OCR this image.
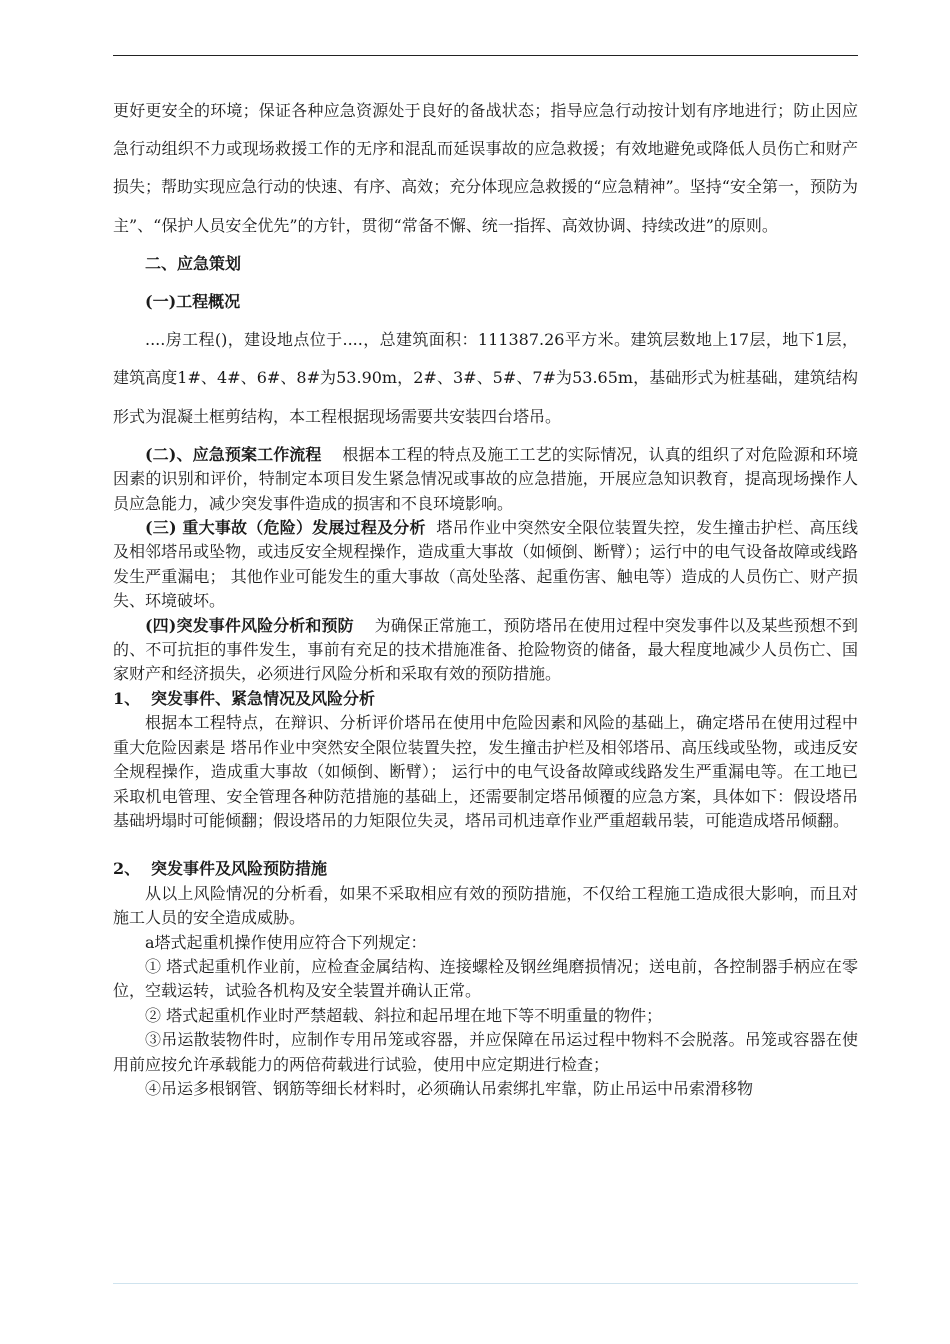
更好更安全的环境；保证各种应急资源处于良好的备战状态；指导应急行动按计划有序地进行；防止因应急行动组织不力或现场救援工作的无序和混乱而延误事故的应急救援；有效地避免或降低人员伤亡和财产损失；帮助实现应急行动的快速、有序、高效；充分体现应急救援的“应急精神”。坚持“安全第一，预防为主”、“保护人员安全优先”的方针，贯彻“常备不懈、统一指挥、高效协调、持续改进”的原则。

二、应急策划

(一)工程概况

....房工程()，建设地点位于....，总建筑面积：111387.26平方米。建筑层数地上17层，地下1层，建筑高度1#、4#、6#、8#为53.90m，2#、3#、5#、7#为53.65m，基础形式为桩基础，建筑结构形式为混凝土框剪结构，本工程根据现场需要共安装四台塔吊。

(二)、应急预案工作流程 根据本工程的特点及施工工艺的实际情况，认真的组织了对危险源和环境因素的识别和评价，特制定本项目发生紧急情况或事故的应急措施，开展应急知识教育，提高现场操作人员应急能力，减少突发事件造成的损害和不良环境影响。

(三) 重大事故（危险）发展过程及分析 塔吊作业中突然安全限位装置失控，发生撞击护栏、高压线及相邻塔吊或坠物，或违反安全规程操作，造成重大事故（如倾倒、断臂）；运行中的电气设备故障或线路发生严重漏电； 其他作业可能发生的重大事故（高处坠落、起重伤害、触电等）造成的人员伤亡、财产损失、环境破坏。

(四)突发事件风险分析和预防 为确保正常施工，预防塔吊在使用过程中突发事件以及某些预想不到的、不可抗拒的事件发生，事前有充足的技术措施准备、抢险物资的储备，最大程度地减少人员伤亡、国家财产和经济损失，必须进行风险分析和采取有效的预防措施。

1、 突发事件、紧急情况及风险分析

根据本工程特点，在辩识、分析评价塔吊在使用中危险因素和风险的基础上，确定塔吊在使用过程中重大危险因素是 塔吊作业中突然安全限位装置失控，发生撞击护栏及相邻塔吊、高压线或坠物，或违反安全规程操作，造成重大事故（如倾倒、断臂）； 运行中的电气设备故障或线路发生严重漏电等。在工地已采取机电管理、安全管理各种防范措施的基础上，还需要制定塔吊倾覆的应急方案，具体如下：假设塔吊基础坍塌时可能倾翻；假设塔吊的力矩限位失灵，塔吊司机违章作业严重超载吊装，可能造成塔吊倾翻。

2、 突发事件及风险预防措施

从以上风险情况的分析看，如果不采取相应有效的预防措施，不仅给工程施工造成很大影响，而且对施工人员的安全造成威胁。

a塔式起重机操作使用应符合下列规定：

① 塔式起重机作业前，应检查金属结构、连接螺栓及钢丝绳磨损情况；送电前，各控制器手柄应在零位，空载运转，试验各机构及安全装置并确认正常。

② 塔式起重机作业时严禁超载、斜拉和起吊埋在地下等不明重量的物件；

③吊运散装物件时，应制作专用吊笼或容器，并应保障在吊运过程中物料不会脱落。吊笼或容器在使用前应按允许承载能力的两倍荷载进行试验，使用中应定期进行检查；

④吊运多根钢管、钢筋等细长材料时，必须确认吊索绑扎牢靠，防止吊运中吊索滑移物
